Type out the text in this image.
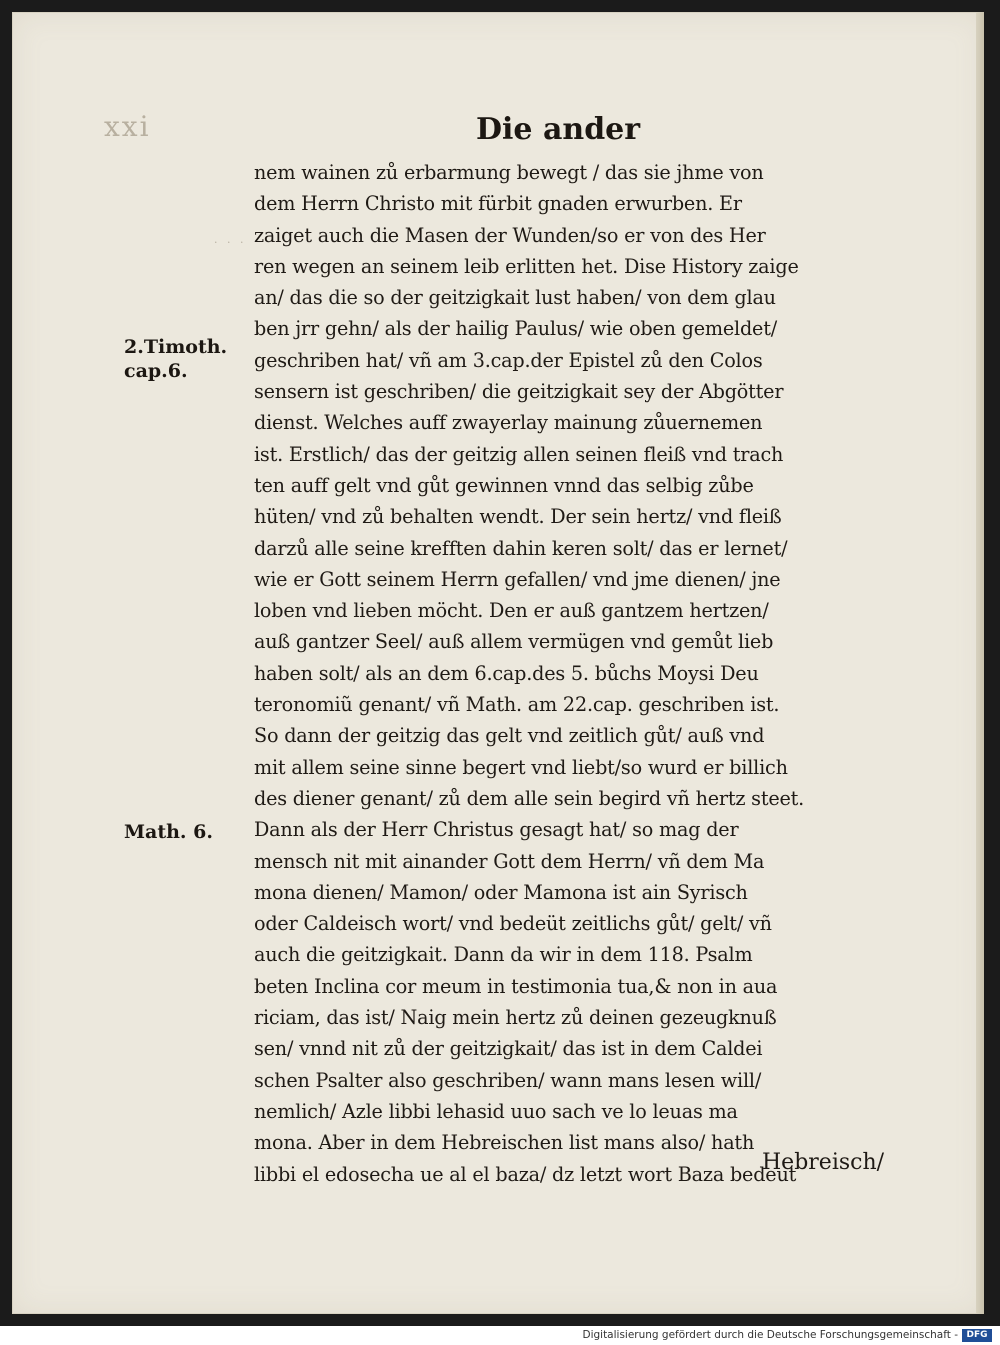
xxi	Die ander
· · ·
2.Timoth.
cap.6.
Math. 6.
nem wainen zů erbarmung bewegt / das sie jhme von
dem Herrn Christo mit fürbit gnaden erwurben. Er
zaiget auch die Masen der Wunden/so er von des Her
ren wegen an seinem leib erlitten het. Dise History zaige
an/ das die so der geitzigkait lust haben/ von dem glau
ben jrr gehn/ als der hailig Paulus/ wie oben gemeldet/
geschriben hat/ vñ am 3.cap.der Epistel zů den Colos
sensern ist geschriben/ die geitzigkait sey der Abgötter
dienst. Welches auff zwayerlay mainung zůuernemen
ist. Erstlich/ das der geitzig allen seinen fleiß vnd trach
ten auff gelt vnd gůt gewinnen vnnd das selbig zůbe
hüten/ vnd zů behalten wendt. Der sein hertz/ vnd fleiß
darzů alle seine krefften dahin keren solt/ das er lernet/
wie er Gott seinem Herrn gefallen/ vnd jme dienen/ jne
loben vnd lieben möcht. Den er auß gantzem hertzen/
auß gantzer Seel/ auß allem vermügen vnd gemůt lieb
haben solt/ als an dem 6.cap.des 5. bůchs Moysi Deu
teronomiũ genant/ vñ Math. am 22.cap. geschriben ist.
So dann der geitzig das gelt vnd zeitlich gůt/ auß vnd
mit allem seine sinne begert vnd liebt/so wurd er billich
des diener genant/ zů dem alle sein begird vñ hertz steet.
Dann als der Herr Christus gesagt hat/ so mag der
mensch nit mit ainander Gott dem Herrn/ vñ dem Ma
mona dienen/ Mamon/ oder Mamona ist ain Syrisch
oder Caldeisch wort/ vnd bedeüt zeitlichs gůt/ gelt/ vñ
auch die geitzigkait. Dann da wir in dem 118. Psalm
beten Inclina cor meum in testimonia tua,& non in aua
riciam, das ist/ Naig mein hertz zů deinen gezeugknuß
sen/ vnnd nit zů der geitzigkait/ das ist in dem Caldei
schen Psalter also geschriben/ wann mans lesen will/
nemlich/ Azle libbi lehasid uuo sach ve lo leuas ma
mona. Aber in dem Hebreischen list mans also/ hath
libbi el edosecha ue al el baza/ dz letzt wort Baza bedeut
Hebreisch/
Digitalisierung gefördert durch die Deutsche Forschungsgemeinschaft - DFG
